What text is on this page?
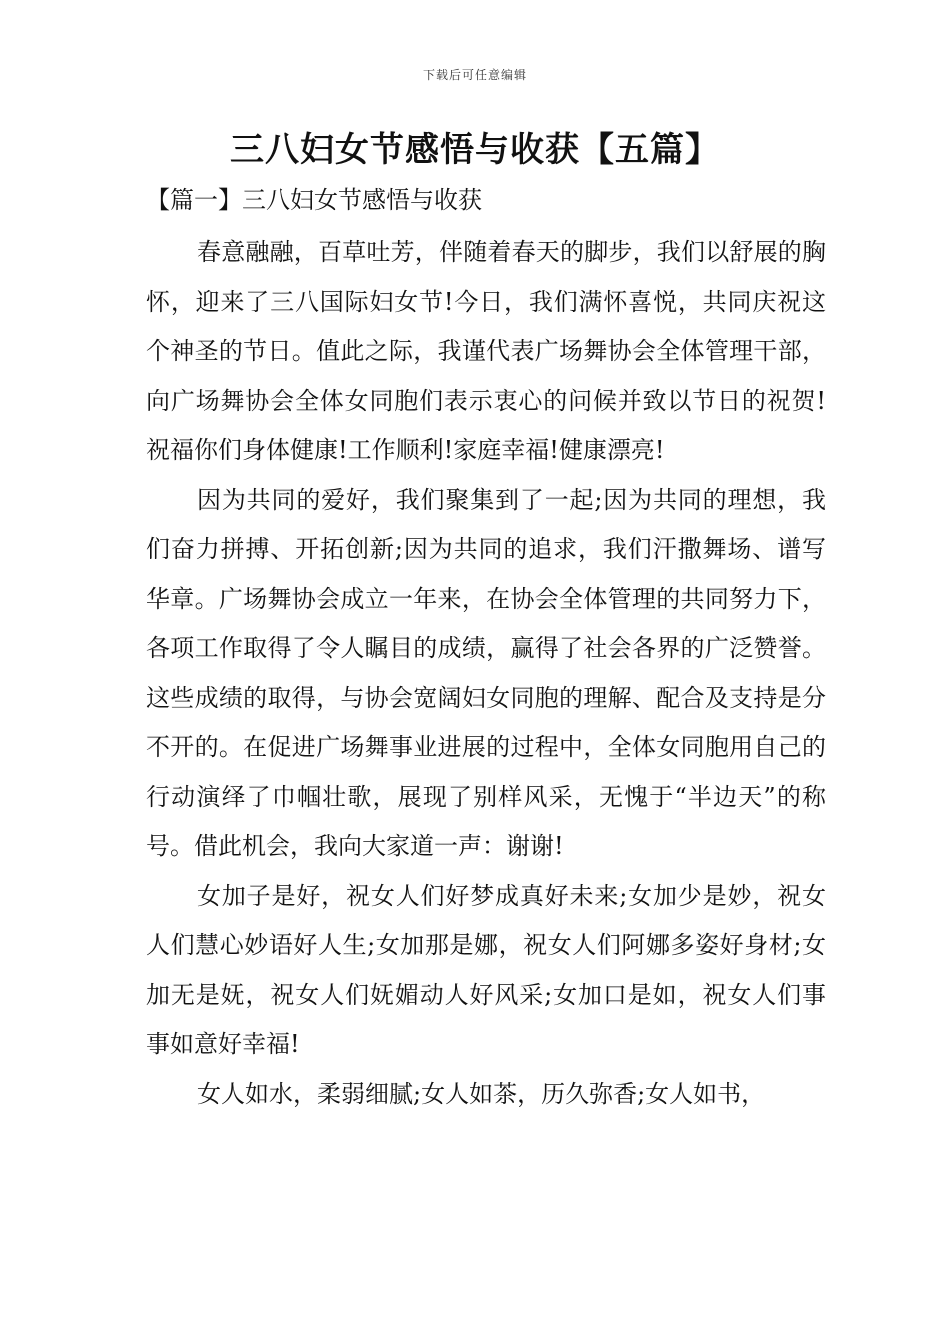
下载后可任意编辑
三八妇女节感悟与收获【五篇】
【篇一】三八妇女节感悟与收获

春意融融，百草吐芳，伴随着春天的脚步，我们以舒展的胸怀，迎来了三八国际妇女节!今日，我们满怀喜悦，共同庆祝这个神圣的节日。值此之际，我谨代表广场舞协会全体管理干部，向广场舞协会全体女同胞们表示衷心的问候并致以节日的祝贺!祝福你们身体健康!工作顺利!家庭幸福!健康漂亮!

因为共同的爱好，我们聚集到了一起;因为共同的理想，我们奋力拼搏、开拓创新;因为共同的追求，我们汗撒舞场、谱写华章。广场舞协会成立一年来，在协会全体管理的共同努力下，各项工作取得了令人瞩目的成绩，赢得了社会各界的广泛赞誉。这些成绩的取得，与协会宽阔妇女同胞的理解、配合及支持是分不开的。在促进广场舞事业进展的过程中，全体女同胞用自己的行动演绎了巾帼壮歌，展现了别样风采，无愧于“半边天”的称号。借此机会，我向大家道一声：谢谢!

女加子是好，祝女人们好梦成真好未来;女加少是妙，祝女人们慧心妙语好人生;女加那是娜，祝女人们阿娜多姿好身材;女加无是妩，祝女人们妩媚动人好风采;女加口是如，祝女人们事事如意好幸福!

女人如水，柔弱细腻;女人如茶，历久弥香;女人如书，
